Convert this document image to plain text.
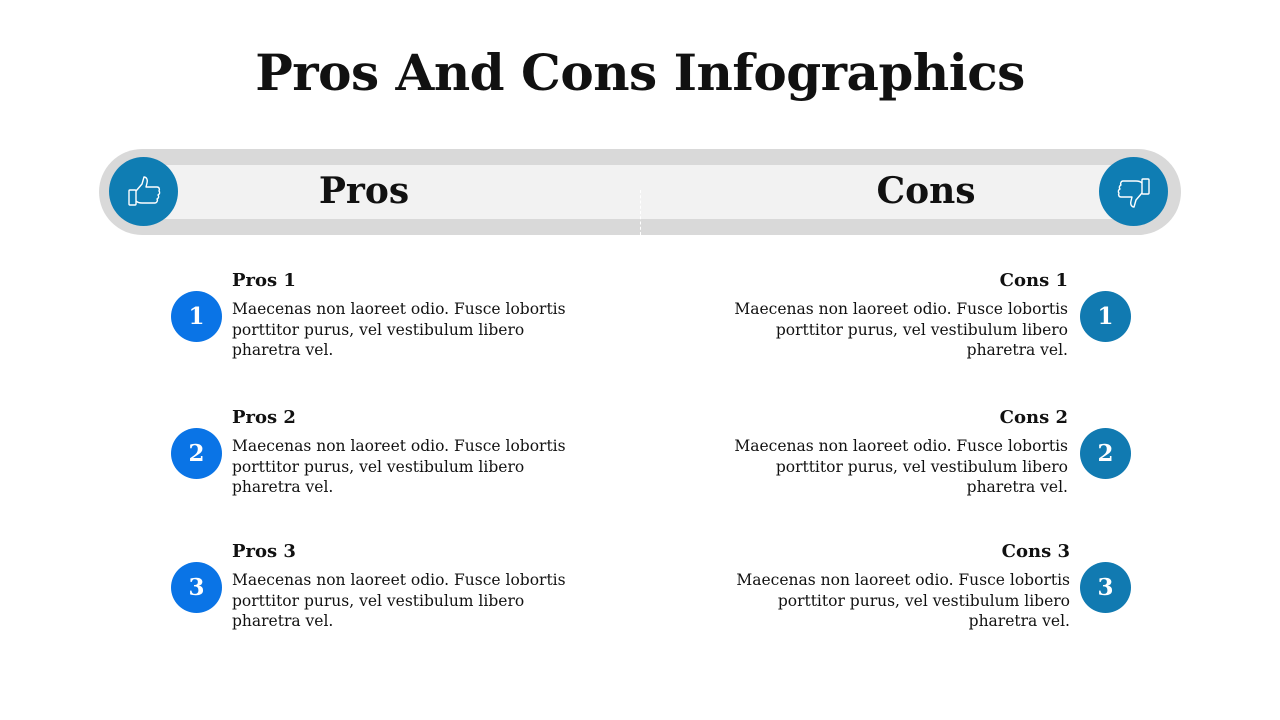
Pros And Cons Infographics
Pros	Cons
1

Pros 1

Maecenas non laoreet odio. Fusce lobortis porttitor purus, vel vestibulum libero pharetra vel.

2

Pros 2

Maecenas non laoreet odio. Fusce lobortis porttitor purus, vel vestibulum libero pharetra vel.

3

Pros 3

Maecenas non laoreet odio. Fusce lobortis porttitor purus, vel vestibulum libero pharetra vel.

1

Cons 1

Maecenas non laoreet odio. Fusce lobortis porttitor purus, vel vestibulum libero pharetra vel.

2

Cons 2

Maecenas non laoreet odio. Fusce lobortis porttitor purus, vel vestibulum libero pharetra vel.

3

Cons 3

Maecenas non laoreet odio. Fusce lobortis porttitor purus, vel vestibulum libero pharetra vel.
